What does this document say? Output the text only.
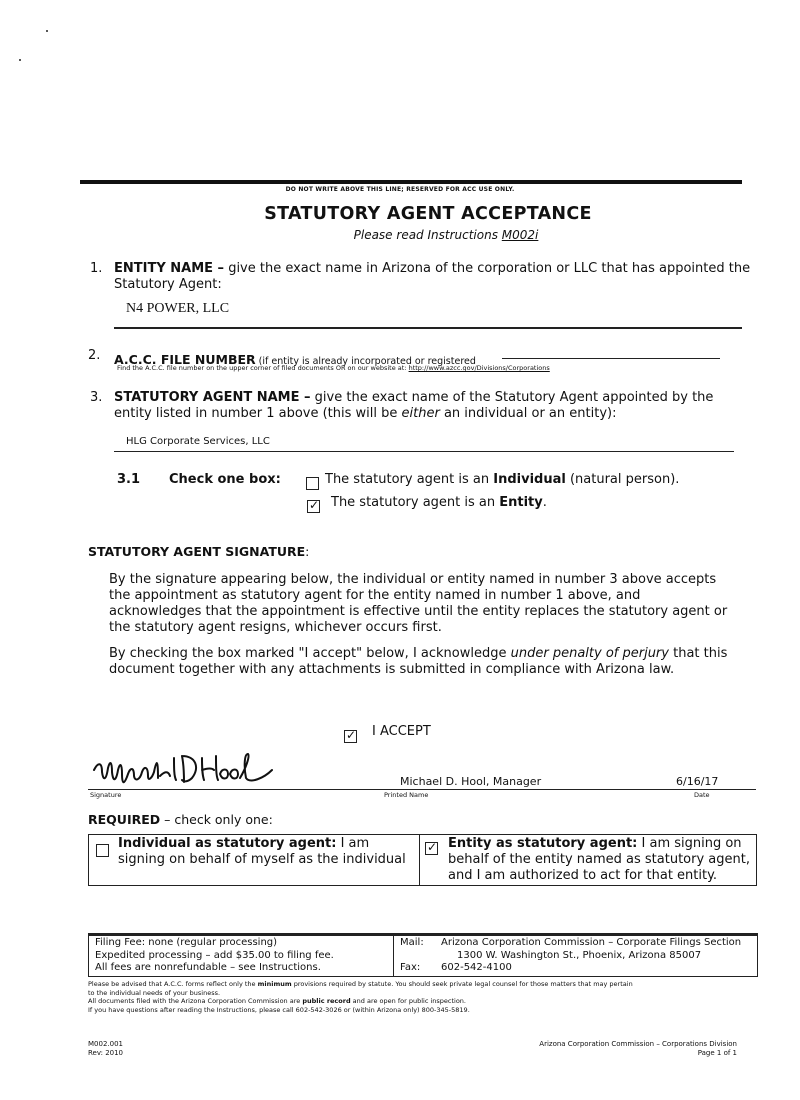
DO NOT WRITE ABOVE THIS LINE; RESERVED FOR ACC USE ONLY.
STATUTORY AGENT ACCEPTANCE
Please read Instructions M002i
1. ENTITY NAME – give the exact name in Arizona of the corporation or LLC that has appointed the
Statutory Agent:
N4 POWER, LLC
2. A.C.C. FILE NUMBER (if entity is already incorporated or registered
Find the A.C.C. file number on the upper corner of filed documents OR on our website at: http://www.azcc.gov/Divisions/Corporations
3. STATUTORY AGENT NAME – give the exact name of the Statutory Agent appointed by the
entity listed in number 1 above (this will be either an individual or an entity):
HLG Corporate Services, LLC
3.1 Check one box:	The statutory agent is an Individual (natural person).
✓ The statutory agent is an Entity.
STATUTORY AGENT SIGNATURE:
By the signature appearing below, the individual or entity named in number 3 above accepts
the appointment as statutory agent for the entity named in number 1 above, and
acknowledges that the appointment is effective until the entity replaces the statutory agent or
the statutory agent resigns, whichever occurs first.
By checking the box marked "I accept" below, I acknowledge under penalty of perjury that this
document together with any attachments is submitted in compliance with Arizona law.
✓ I ACCEPT
Michael D. Hool, Manager	6/16/17
Signature	Printed Name	Date
REQUIRED – check only one:
Individual as statutory agent: I am
signing on behalf of myself as the individual
✓ Entity as statutory agent: I am signing on
behalf of the entity named as statutory agent,
and I am authorized to act for that entity.
Filing Fee: none (regular processing)
Expedited processing – add $35.00 to filing fee.
All fees are nonrefundable – see Instructions.
Mail: Arizona Corporation Commission – Corporate Filings Section
1300 W. Washington St., Phoenix, Arizona 85007
Fax: 602-542-4100
Please be advised that A.C.C. forms reflect only the minimum provisions required by statute. You should seek private legal counsel for those matters that may pertain
to the individual needs of your business.
All documents filed with the Arizona Corporation Commission are public record and are open for public inspection.
If you have questions after reading the Instructions, please call 602-542-3026 or (within Arizona only) 800-345-5819.
M002.001
Rev: 2010
Arizona Corporation Commission – Corporations Division
Page 1 of 1
